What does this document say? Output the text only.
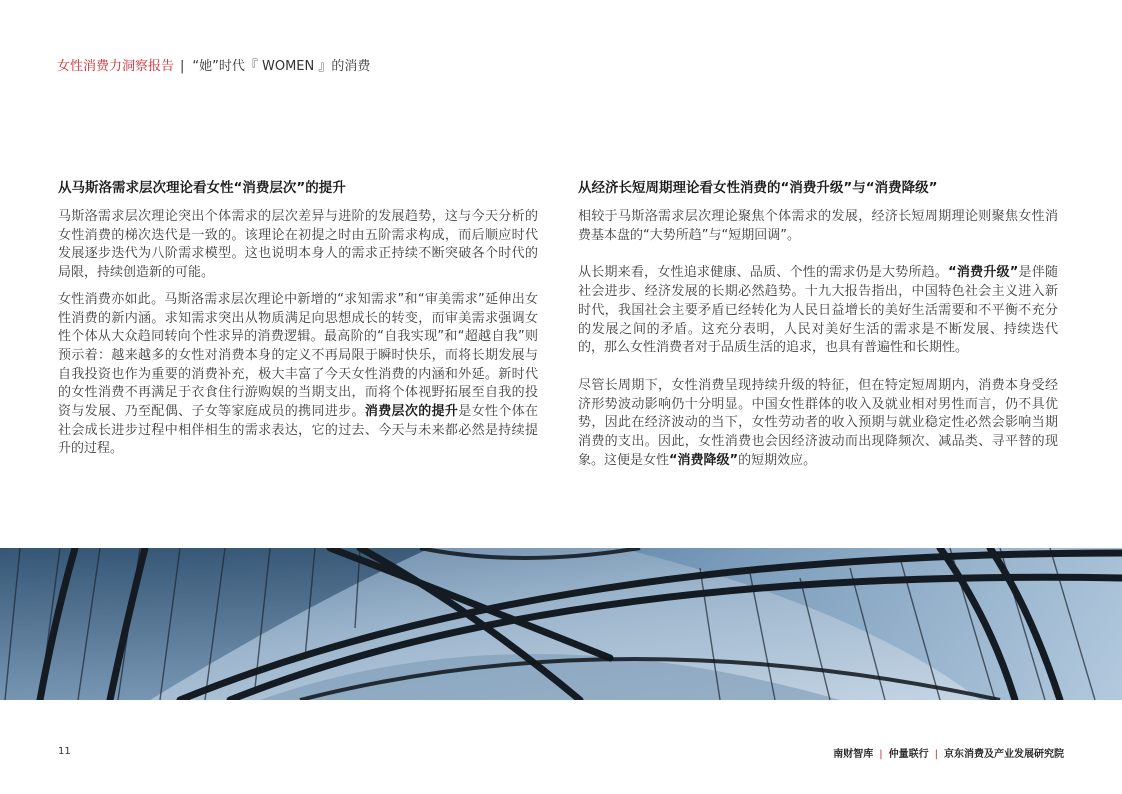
女性消费力洞察报告 | “她”时代『 WOMEN 』的消费
从马斯洛需求层次理论看女性“消费层次”的提升

马斯洛需求层次理论突出个体需求的层次差异与进阶的发展趋势，这与今天分析的女性消费的梯次迭代是一致的。该理论在初提之时由五阶需求构成，而后顺应时代发展逐步迭代为八阶需求模型。这也说明本身人的需求正持续不断突破各个时代的局限，持续创造新的可能。

女性消费亦如此。马斯洛需求层次理论中新增的“求知需求”和“审美需求”延伸出女性消费的新内涵。求知需求突出从物质满足向思想成长的转变，而审美需求强调女性个体从大众趋同转向个性求异的消费逻辑。最高阶的“自我实现”和“超越自我”则预示着：越来越多的女性对消费本身的定义不再局限于瞬时快乐，而将长期发展与自我投资也作为重要的消费补充，极大丰富了今天女性消费的内涵和外延。新时代的女性消费不再满足于衣食住行游购娱的当期支出，而将个体视野拓展至自我的投资与发展、乃至配偶、子女等家庭成员的携同进步。消费层次的提升是女性个体在社会成长进步过程中相伴相生的需求表达，它的过去、今天与未来都必然是持续提升的过程。

从经济长短周期理论看女性消费的“消费升级”与“消费降级”

相较于马斯洛需求层次理论聚焦个体需求的发展，经济长短周期理论则聚焦女性消费基本盘的“大势所趋”与“短期回调”。

从长期来看，女性追求健康、品质、个性的需求仍是大势所趋。“消费升级”是伴随社会进步、经济发展的长期必然趋势。十九大报告指出，中国特色社会主义进入新时代，我国社会主要矛盾已经转化为人民日益增长的美好生活需要和不平衡不充分的发展之间的矛盾。这充分表明，人民对美好生活的需求是不断发展、持续迭代的，那么女性消费者对于品质生活的追求，也具有普遍性和长期性。

尽管长周期下，女性消费呈现持续升级的特征，但在特定短周期内，消费本身受经济形势波动影响仍十分明显。中国女性群体的收入及就业相对男性而言，仍不具优势，因此在经济波动的当下，女性劳动者的收入预期与就业稳定性必然会影响当期消费的支出。因此，女性消费也会因经济波动而出现降频次、减品类、寻平替的现象。这便是女性“消费降级”的短期效应。

11	南财智库 | 仲量联行 | 京东消费及产业发展研究院
